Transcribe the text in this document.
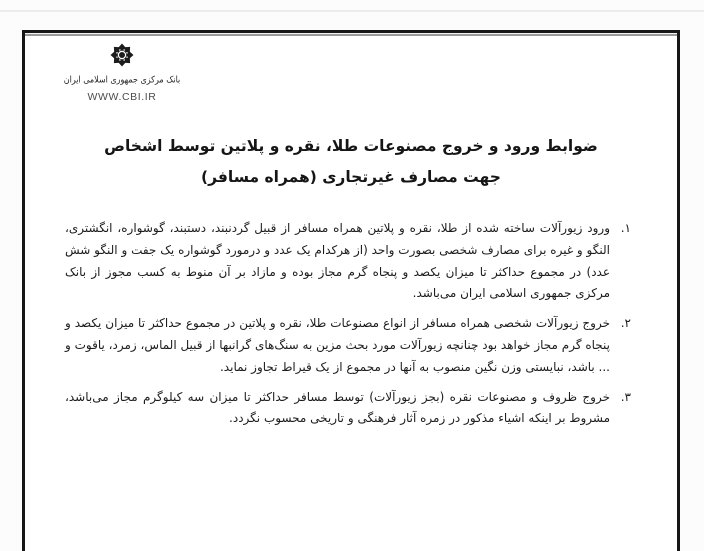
بانک مرکزی جمهوری اسلامی ایران
WWW.CBI.IR
ضوابط ورود و خروج مصنوعات طلا، نقره و پلاتین توسط اشخاص
جهت مصارف غیرتجاری (همراه مسافر)
۱.
ورود زیورآلات ساخته شده از طلا، نقره و پلاتین همراه مسافر از قبیل گردنبند، دستبند، گوشواره، انگشتری، النگو و غیره برای مصارف شخصی بصورت واحد (از هرکدام یک عدد و درمورد گوشواره یک جفت و النگو شش عدد) در مجموع حداکثر تا میزان یکصد و پنجاه گرم مجاز بوده و مازاد بر آن منوط به کسب مجوز از بانک مرکزی جمهوری اسلامی ایران می‌باشد.
۲.
خروج زیورآلات شخصی همراه مسافر از انواع مصنوعات طلا، نقره و پلاتین در مجموع حداکثر تا میزان یکصد و پنجاه گرم مجاز خواهد بود چنانچه زیورآلات مورد بحث مزین به سنگ‌های گرانبها از قبیل الماس، زمرد، یاقوت و ... باشد، نبایستی وزن نگین منصوب به آنها در مجموع از یک قیراط تجاوز نماید.
۳.
خروج ظروف و مصنوعات نقره (بجز زیورآلات) توسط مسافر حداکثر تا میزان سه کیلوگرم مجاز می‌باشد، مشروط بر اینکه اشیاء مذکور در زمره آثار فرهنگی و تاریخی محسوب نگردد.
